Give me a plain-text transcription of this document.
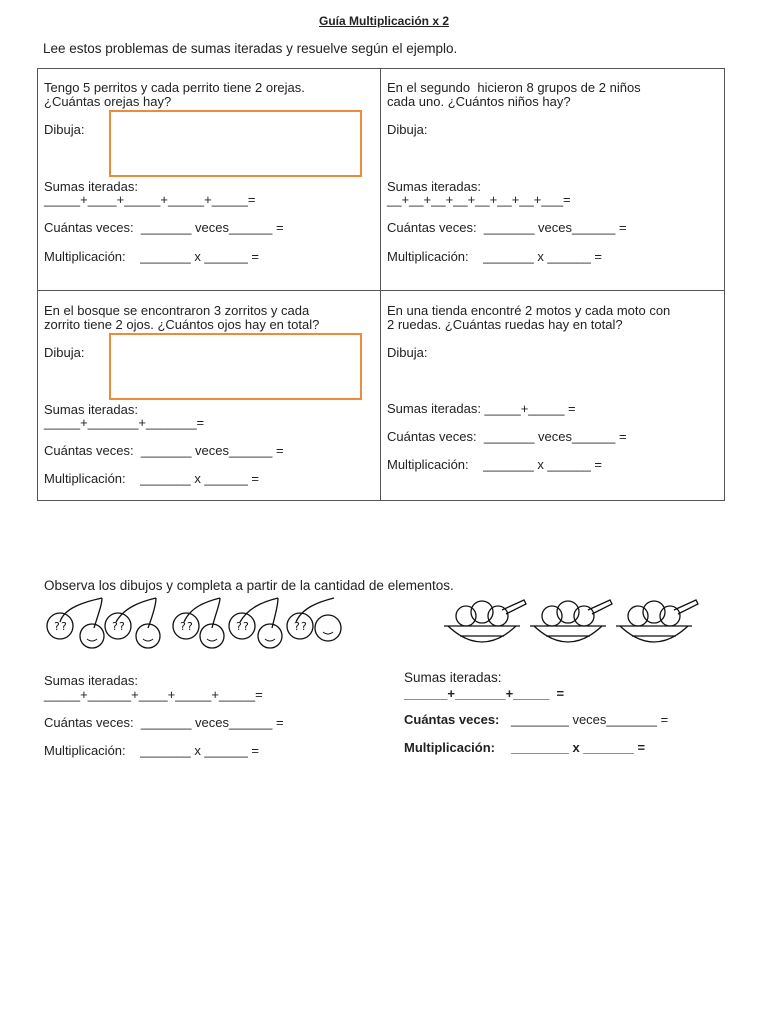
Guía Multiplicación x 2
Lee estos problemas de sumas iteradas y resuelve según el ejemplo.
Tengo 5 perritos y cada perrito tiene 2 orejas.
¿Cuántas orejas hay?
Dibuja:
Sumas iteradas:
_____+____+_____+_____+_____=
Cuántas veces:  _______ veces______ =
Multiplicación:    _______ x ______ =
En el segundo  hicieron 8 grupos de 2 niños
cada uno. ¿Cuántos niños hay?
Dibuja:
Sumas iteradas:
__+__+__+__+__+__+__+___=
Cuántas veces:  _______ veces______ =
Multiplicación:    _______ x ______ =
En el bosque se encontraron 3 zorritos y cada
zorrito tiene 2 ojos. ¿Cuántos ojos hay en total?
Dibuja:
Sumas iteradas:
_____+_______+_______=
Cuántas veces:  _______ veces______ =
Multiplicación:    _______ x ______ =
En una tienda encontré 2 motos y cada moto con
2 ruedas. ¿Cuántas ruedas hay en total?
Dibuja:
Sumas iteradas: _____+_____ =
Cuántas veces:  _______ veces______ =
Multiplicación:    _______ x ______ =
Observa los dibujos y completa a partir de la cantidad de elementos.
? ?	? ?	? ?	? ?	? ?
Sumas iteradas:
_____+______+____+_____+_____=
Cuántas veces:  _______ veces______ =
Multiplicación:    _______ x ______ =
Sumas iteradas:
______+_______+_____  =
Cuántas veces: ________ veces_______ =
Multiplicación: ________ x _______ =
